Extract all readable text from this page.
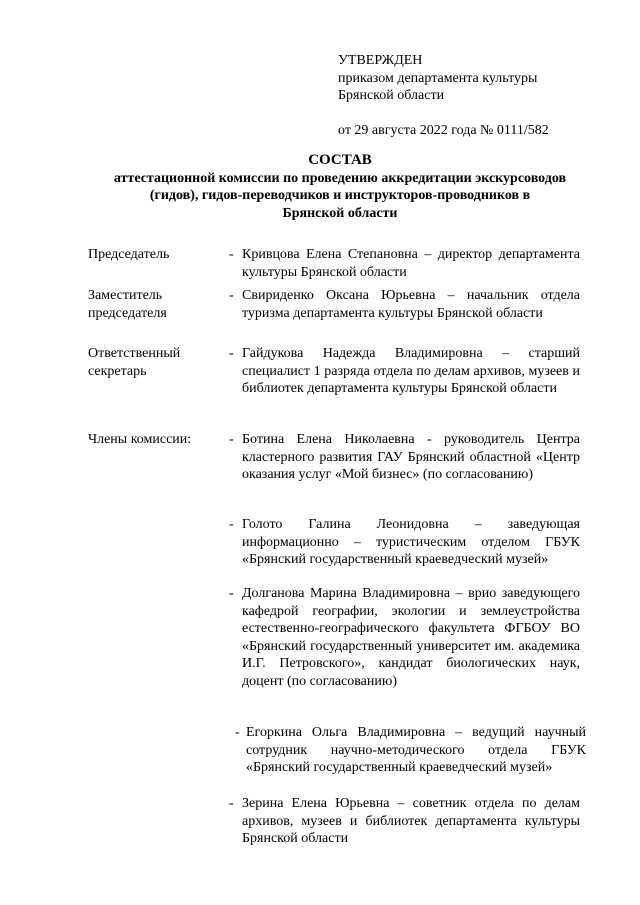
УТВЕРЖДЕН
приказом департамента культуры
Брянской области
от 29 августа 2022 года № 0111/582
СОСТАВ
аттестационной комиссии по проведению аккредитации экскурсоводов
(гидов), гидов-переводчиков и инструкторов-проводников в
Брянской области
Председатель	- Кривцова Елена Степановна – директор департамента культуры Брянской области
Заместитель председателя
- Свириденко Оксана Юрьевна – начальник отдела туризма департамента культуры Брянской области
Ответственный секретарь
- Гайдукова Надежда Владимировна – старший специалист 1 разряда отдела по делам архивов, музеев и библиотек департамента культуры Брянской области
Члены комиссии:	- Ботина Елена Николаевна - руководитель Центра кластерного развития ГАУ Брянский областной «Центр оказания услуг «Мой бизнес» (по согласованию)
- Голото Галина Леонидовна – заведующая информационно – туристическим отделом ГБУК «Брянский государственный краеведческий музей»
- Долганова Марина Владимировна – врио заведующего кафедрой географии, экологии и землеустройства естественно-географического факультета ФГБОУ ВО «Брянский государственный университет им. академика И.Г. Петровского», кандидат биологических наук, доцент (по согласованию)
- Егоркина Ольга Владимировна – ведущий научный сотрудник научно-методического отдела ГБУК «Брянский государственный краеведческий музей»
- Зерина Елена Юрьевна – советник отдела по делам архивов, музеев и библиотек департамента культуры Брянской области
